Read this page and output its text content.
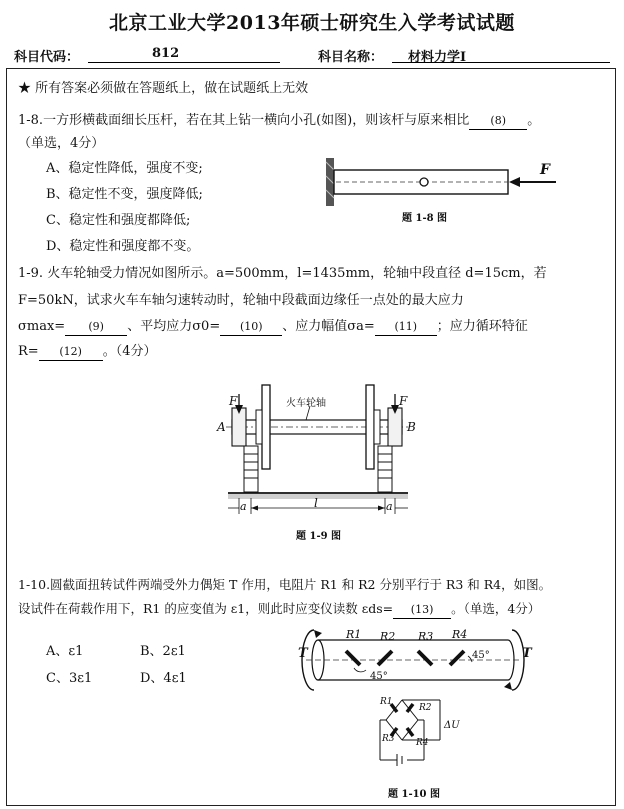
北京工业大学2013年硕士研究生入学考试试题
科目代码：	812	科目名称： 材料力学I
★ 所有答案必须做在答题纸上，做在试题纸上无效
1-8.一方形横截面细长压杆，若在其上钻一横向小孔(如图)，则该杆与原来相比 (8) 。
（单选，4分）
A、稳定性降低，强度不变;
B、稳定性不变，强度降低;
C、稳定性和强度都降低;
D、稳定性和强度都不变。
F
题 1-8 图
1-9. 火车轮轴受力情况如图所示。a=500mm，l=1435mm，轮轴中段直径 d=15cm，若
F=50kN，试求火车车轴匀速转动时，轮轴中段截面边缘任一点处的最大应力
σmax= (9) 、平均应力σ0= (10) 、应力幅值σa= (11) ；应力循环特征
R= (12) 。（4分）
火车轮轴
F	F
A	B
a	l	a
题 1-9 图
1-10.圆截面扭转试件两端受外力偶矩 T 作用，电阻片 R1 和 R2 分别平行于 R3 和 R4，如图。
设试件在荷载作用下，R1 的应变值为 ε1，则此时应变仪读数 εds= (13) 。（单选，4分）
A、ε1	B、2ε1
C、3ε1	D、4ε1
T	T
R1 R2 R3 R4
45°
45°
R1
R2
R3 R4
ΔU
题 1-10 图
